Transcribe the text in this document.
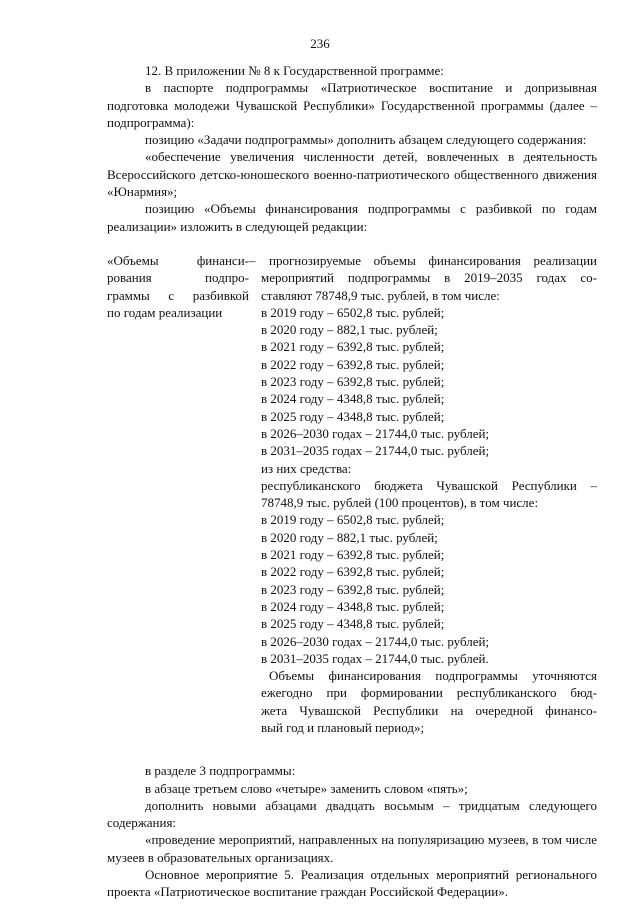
236

12. В приложении № 8 к Государственной программе:

в паспорте подпрограммы «Патриотическое воспитание и допризывная подготовка молодежи Чувашской Республики» Государственной программы (далее – подпрограмма):

позицию «Задачи подпрограммы» дополнить абзацем следующего содержания:

«обеспечение увеличения численности детей, вовлеченных в деятельность Всероссийского детско-юношеского военно-патриотического общественного движения «Юнармия»;

позицию «Объемы финансирования подпрограммы с разбивкой по годам реализации» изложить в следующей редакции:

«Объемы финанси-
рования подпро-
граммы с разбивкой
по годам реализации
–	прогнозируемые объемы финансирования реализации
мероприятий подпрограммы в 2019–2035 годах со-
ставляют 78748,9 тыс. рублей, в том числе:
в 2019 году – 6502,8 тыс. рублей;
в 2020 году – 882,1 тыс. рублей;
в 2021 году – 6392,8 тыс. рублей;
в 2022 году – 6392,8 тыс. рублей;
в 2023 году – 6392,8 тыс. рублей;
в 2024 году – 4348,8 тыс. рублей;
в 2025 году – 4348,8 тыс. рублей;
в 2026–2030 годах – 21744,0 тыс. рублей;
в 2031–2035 годах – 21744,0 тыс. рублей;
из них средства:
республиканского бюджета Чувашской Республики –
78748,9 тыс. рублей (100 процентов), в том числе:
в 2019 году – 6502,8 тыс. рублей;
в 2020 году – 882,1 тыс. рублей;
в 2021 году – 6392,8 тыс. рублей;
в 2022 году – 6392,8 тыс. рублей;
в 2023 году – 6392,8 тыс. рублей;
в 2024 году – 4348,8 тыс. рублей;
в 2025 году – 4348,8 тыс. рублей;
в 2026–2030 годах – 21744,0 тыс. рублей;
в 2031–2035 годах – 21744,0 тыс. рублей.
Объемы финансирования подпрограммы уточняются
ежегодно при формировании республиканского бюд-
жета Чувашской Республики на очередной финансо-
вый год и плановый период»;

в разделе 3 подпрограммы:

в абзаце третьем слово «четыре» заменить словом «пять»;

дополнить новыми абзацами двадцать восьмым – тридцатым следующего содержания:

«проведение мероприятий, направленных на популяризацию музеев, в том числе музеев в образовательных организациях.

Основное мероприятие 5. Реализация отдельных мероприятий регионального проекта «Патриотическое воспитание граждан Российской Федерации».
